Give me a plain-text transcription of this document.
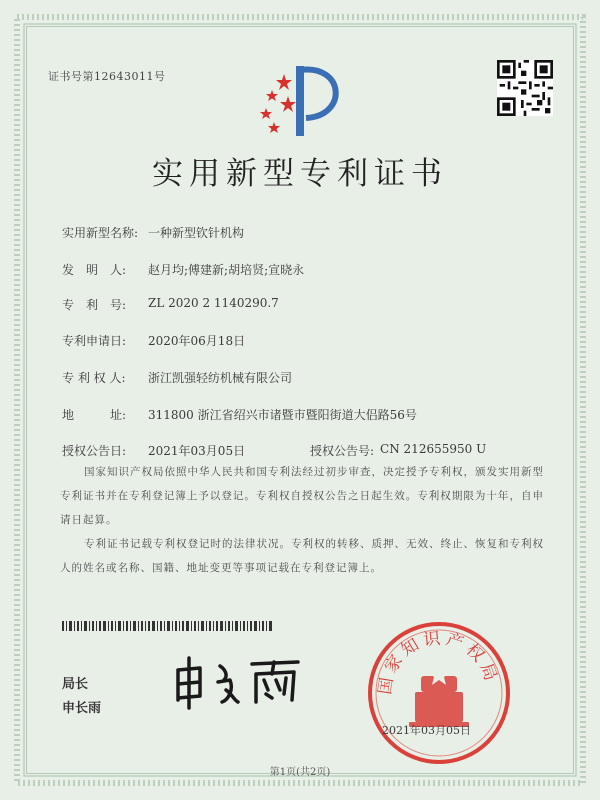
证书号第12643011号
实用新型专利证书
实用新型名称: 一种新型钦针机构
发　明　人:	赵月均;傅建新;胡培贤;宣晓永
专　利　号:	ZL 2020 2 1140290.7
专利申请日:	2020年06月18日
专 利 权 人:	浙江凯强轻纺机械有限公司
地　　　址:	311800 浙江省绍兴市诸暨市暨阳街道大侣路56号
授权公告日:	2021年03月05日	授权公告号: CN 212655950 U
国家知识产权局依照中华人民共和国专利法经过初步审查，决定授予专利权，颁发实用新型专利证书并在专利登记簿上予以登记。专利权自授权公告之日起生效。专利权期限为十年，自申请日起算。
专利证书记载专利权登记时的法律状况。专利权的转移、质押、无效、终止、恢复和专利权人的姓名或名称、国籍、地址变更等事项记载在专利登记簿上。
局长
申长雨
国家知识产权局
2021年03月05日
第1页(共2页)
